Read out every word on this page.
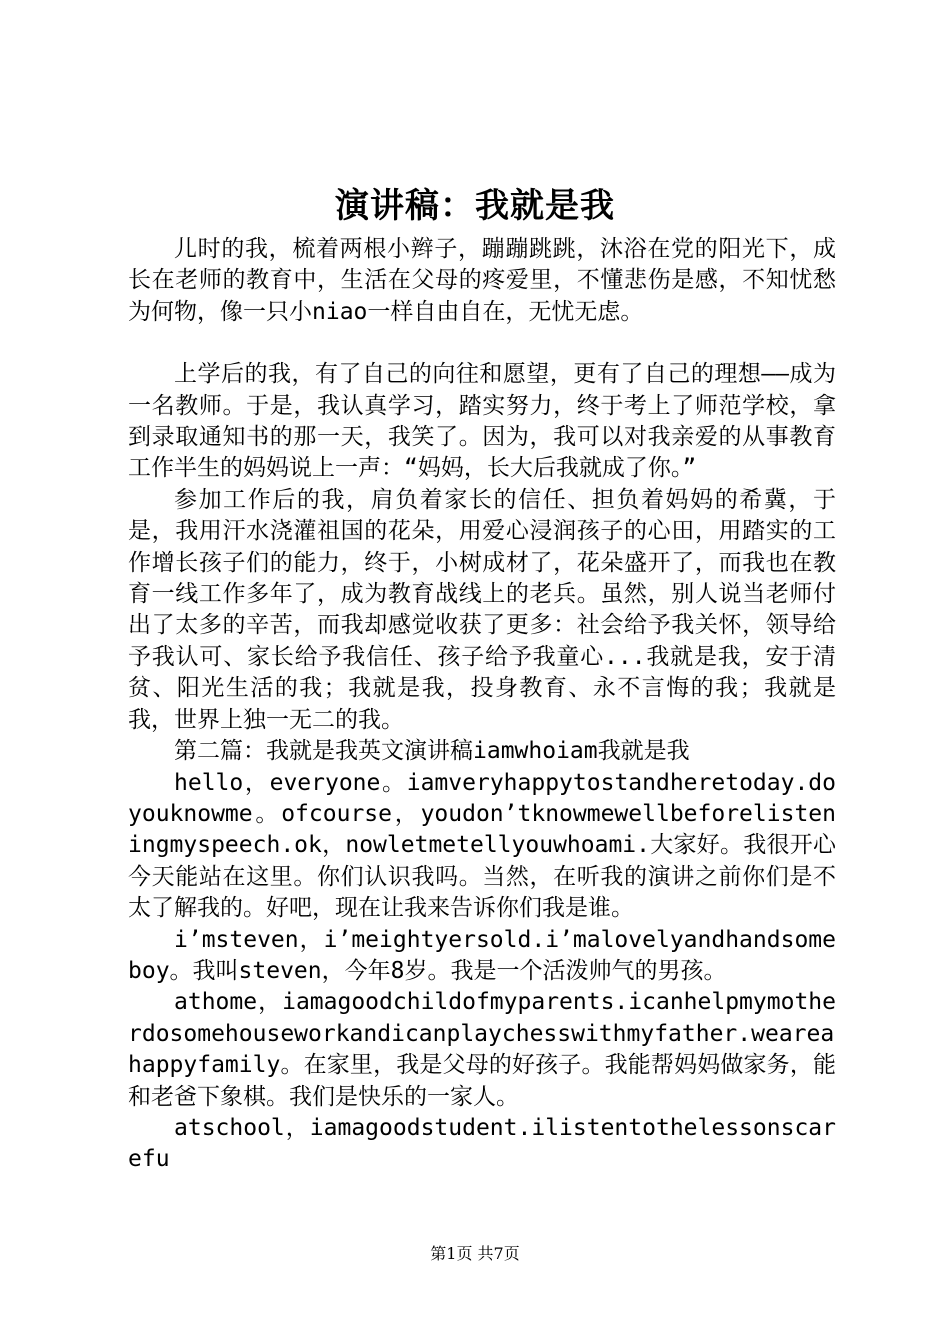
演讲稿：我就是我

儿时的我，梳着两根小辫子，蹦蹦跳跳，沐浴在党的阳光下，成长在老师的教育中，生活在父母的疼爱里，不懂悲伤是感，不知忧愁为何物，像一只小niao一样自由自在，无忧无虑。

上学后的我，有了自己的向往和愿望，更有了自己的理想——成为一名教师。于是，我认真学习，踏实努力，终于考上了师范学校，拿到录取通知书的那一天，我笑了。因为，我可以对我亲爱的从事教育工作半生的妈妈说上一声：“妈妈，长大后我就成了你。”

参加工作后的我，肩负着家长的信任、担负着妈妈的希冀，于是，我用汗水浇灌祖国的花朵，用爱心浸润孩子的心田，用踏实的工作增长孩子们的能力，终于，小树成材了，花朵盛开了，而我也在教育一线工作多年了，成为教育战线上的老兵。虽然，别人说当老师付出了太多的辛苦，而我却感觉收获了更多：社会给予我关怀，领导给予我认可、家长给予我信任、孩子给予我童心...我就是我，安于清贫、阳光生活的我；我就是我，投身教育、永不言悔的我；我就是我，世界上独一无二的我。

第二篇：我就是我英文演讲稿iamwhoiam我就是我

hello，everyone。iamveryhappytostandheretoday.doyouknowme。ofcourse，youdon’tknowmewellbeforelisteningmyspeech.ok，nowletmetellyouwhoami.大家好。我很开心今天能站在这里。你们认识我吗。当然，在听我的演讲之前你们是不太了解我的。好吧，现在让我来告诉你们我是谁。

i’msteven，i’meightyersold.i’malovelyandhandsomeboy。我叫steven，今年8岁。我是一个活泼帅气的男孩。

athome，iamagoodchildofmyparents.icanhelpmymotherdosomehouseworkandicanplaychesswithmyfather.weareahappyfamily。在家里，我是父母的好孩子。我能帮妈妈做家务，能和老爸下象棋。我们是快乐的一家人。

atschool，iamagoodstudent.ilistentothelessonscarefu

第1页 共7页
